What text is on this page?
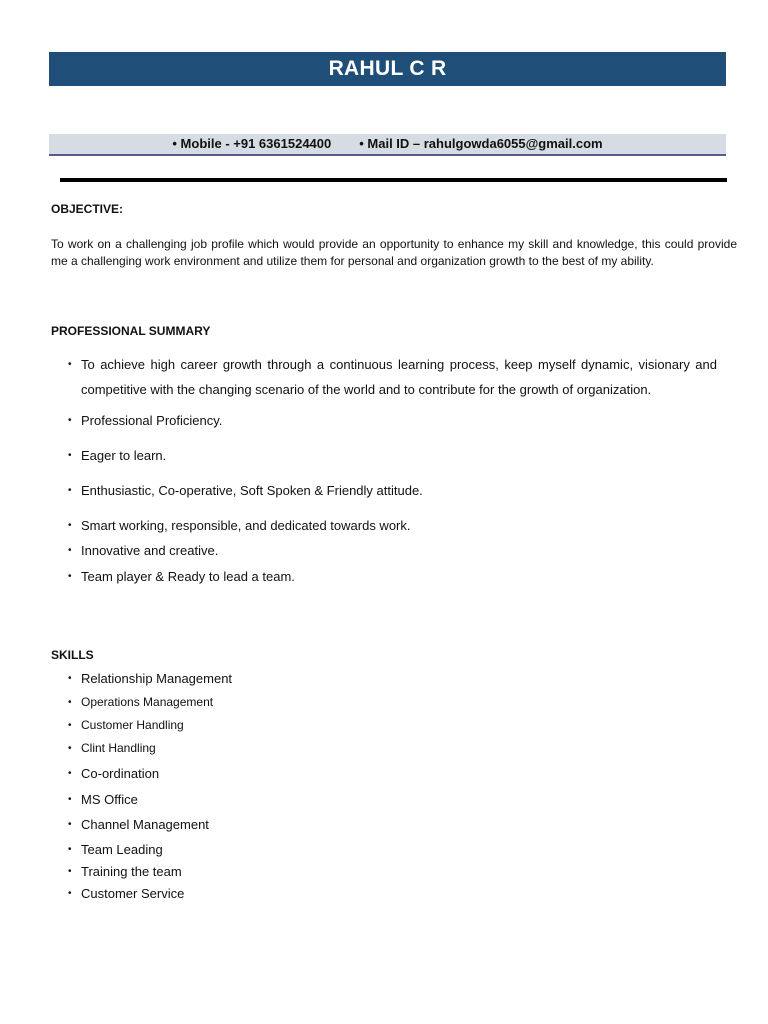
RAHUL C R
• Mobile - +91 6361524400 • Mail ID – rahulgowda6055@gmail.com
OBJECTIVE:

To work on a challenging job profile which would provide an opportunity to enhance my skill and knowledge, this could provide me a challenging work environment and utilize them for personal and organization growth to the best of my ability.

PROFESSIONAL SUMMARY
• To achieve high career growth through a continuous learning process, keep myself dynamic, visionary and competitive with the changing scenario of the world and to contribute for the growth of organization.
• Professional Proficiency.
• Eager to learn.
• Enthusiastic, Co-operative, Soft Spoken & Friendly attitude.
• Smart working, responsible, and dedicated towards work.
• Innovative and creative.
• Team player & Ready to lead a team.
SKILLS
• Relationship Management
• Operations Management
• Customer Handling
• Clint Handling
• Co-ordination
• MS Office
• Channel Management
• Team Leading
• Training the team
• Customer Service
